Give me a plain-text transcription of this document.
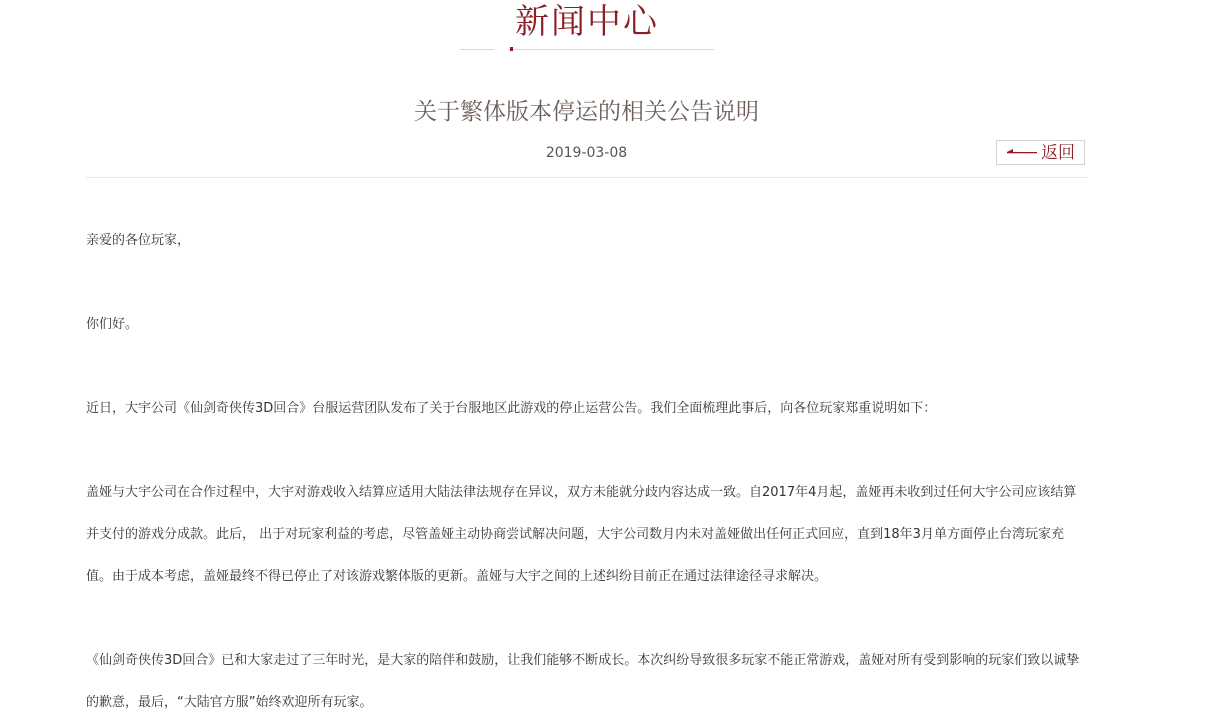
新闻中心
关于繁体版本停运的相关公告说明
2019-03-08	返回

亲爱的各位玩家，

你们好。

近日，大宇公司《仙剑奇侠传3D回合》台服运营团队发布了关于台服地区此游戏的停止运营公告。我们全面梳理此事后，向各位玩家郑重说明如下：

盖娅与大宇公司在合作过程中，大宇对游戏收入结算应适用大陆法律法规存在异议，双方未能就分歧内容达成一致。自2017年4月起，盖娅再未收到过任何大宇公司应该结算并支付的游戏分成款。此后， 出于对玩家利益的考虑，尽管盖娅主动协商尝试解决问题，大宇公司数月内未对盖娅做出任何正式回应，直到18年3月单方面停止台湾玩家充值。由于成本考虑，盖娅最终不得已停止了对该游戏繁体版的更新。盖娅与大宇之间的上述纠纷目前正在通过法律途径寻求解决。

《仙剑奇侠传3D回合》已和大家走过了三年时光，是大家的陪伴和鼓励，让我们能够不断成长。本次纠纷导致很多玩家不能正常游戏，盖娅对所有受到影响的玩家们致以诚挚的歉意，最后，“大陆官方服”始终欢迎所有玩家。
